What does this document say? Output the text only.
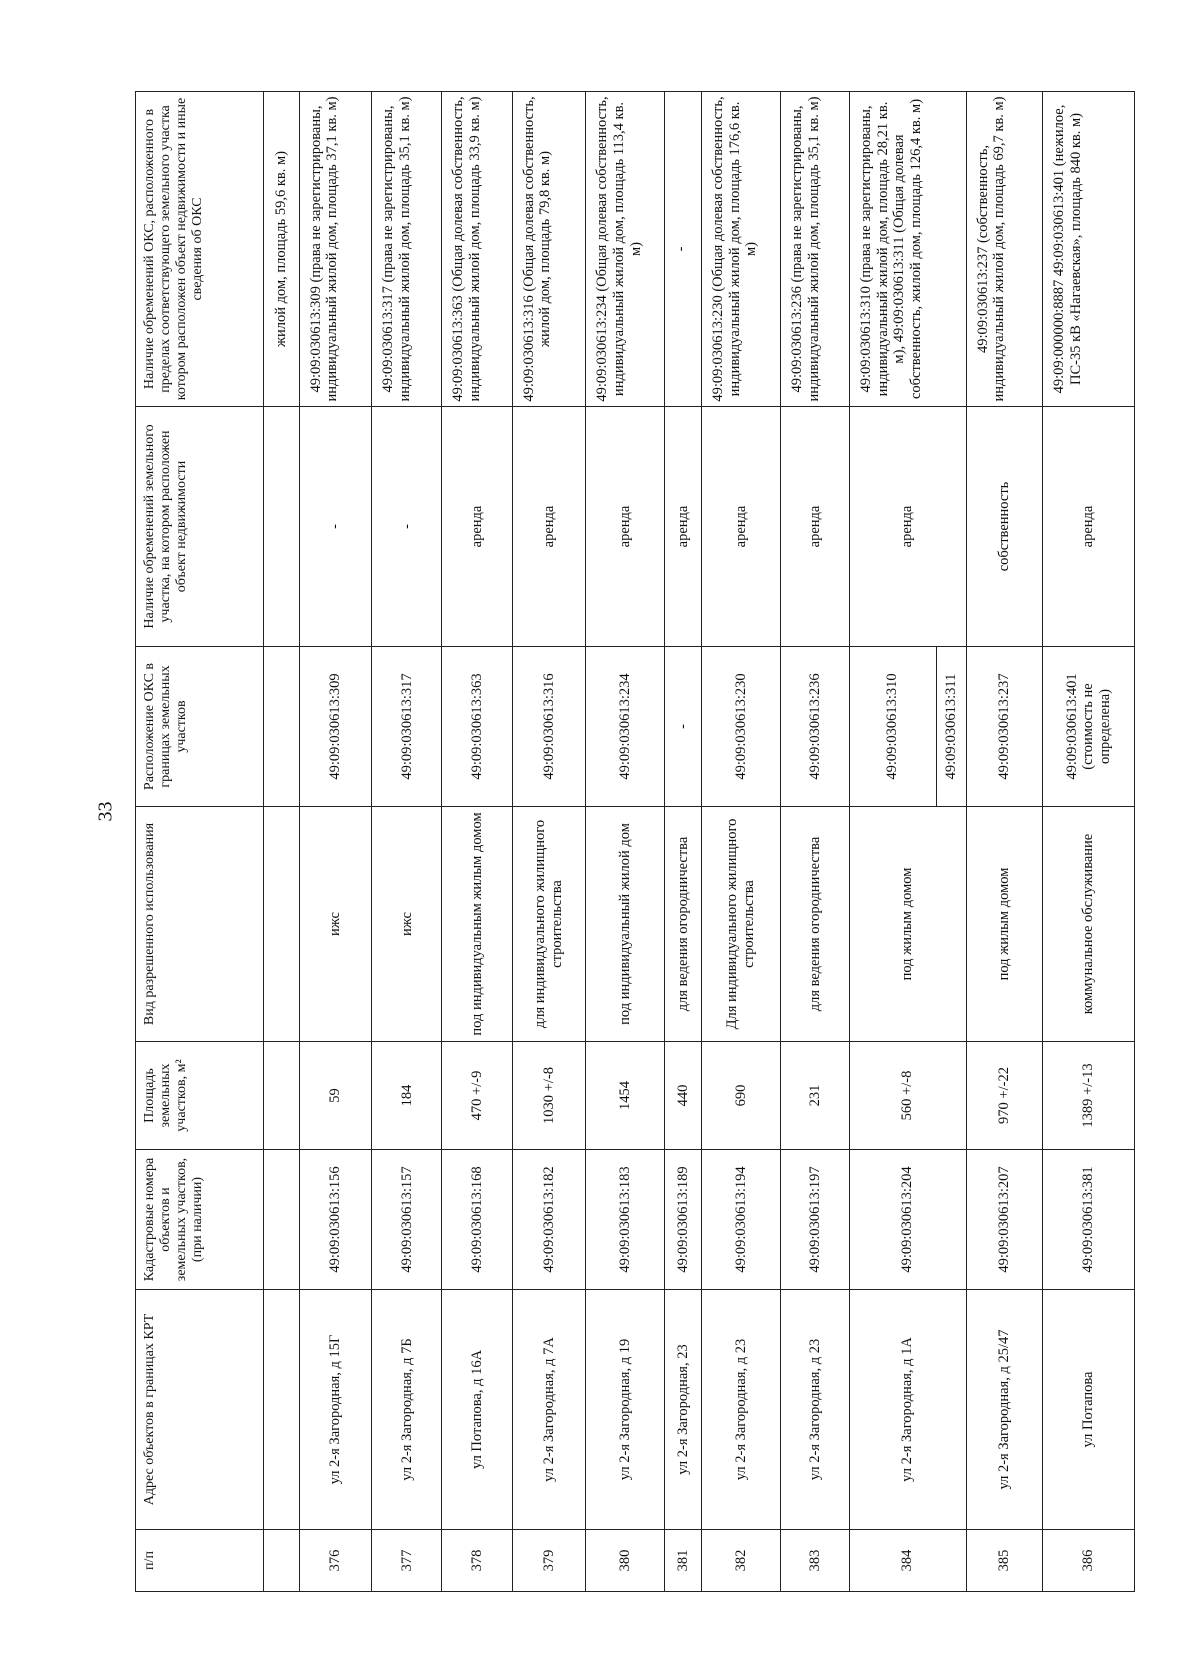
33
п/п	Адрес объектов в границах КРТ	Кадастровые номера объектов и земельных участков, (при наличии)	Площадь земельных участков, м²	Вид разрешенного использования	Расположение ОКС в границах земельных участков	Наличие обременений земельного участка, на котором расположен объект недвижимости	Наличие обременений ОКС, расположенного в пределах соответствующего земельного участка котором расположен объект недвижимости и иные сведения об ОКС
							жилой дом, площадь 59,6 кв. м)
376	ул 2-я Загородная, д 15Г	49:09:030613:156	59	ижс	49:09:030613:309	-	49:09:030613:309 (права не зарегистрированы, индивидуальный жилой дом, площадь 37,1 кв. м)
377	ул 2-я Загородная, д 7Б	49:09:030613:157	184	ижс	49:09:030613:317	-	49:09:030613:317 (права не зарегистрированы, индивидуальный жилой дом, площадь 35,1 кв. м)
378	ул Потапова, д 16А	49:09:030613:168	470 +/-9	под индивидуальным жилым домом	49:09:030613:363	аренда	49:09:030613:363 (Общая долевая собственность, индивидуальный жилой дом, площадь 33,9 кв. м)
379	ул 2-я Загородная, д 7А	49:09:030613:182	1030 +/-8	для индивидуального жилищного строительства	49:09:030613:316	аренда	49:09:030613:316 (Общая долевая собственность, жилой дом, площадь 79,8 кв. м)
380	ул 2-я Загородная, д 19	49:09:030613:183	1454	под индивидуальный жилой дом	49:09:030613:234	аренда	49:09:030613:234 (Общая долевая собственность, индивидуальный жилой дом, площадь 113,4 кв. м)
381	ул 2-я Загородная, 23	49:09:030613:189	440	для ведения огородничества	-	аренда	-
382	ул 2-я Загородная, д 23	49:09:030613:194	690	Для индивидуального жилищного строительства	49:09:030613:230	аренда	49:09:030613:230 (Общая долевая собственность, индивидуальный жилой дом, площадь 176,6 кв. м)
383	ул 2-я Загородная, д 23	49:09:030613:197	231	для ведения огородничества	49:09:030613:236	аренда	49:09:030613:236 (права не зарегистрированы, индивидуальный жилой дом, площадь 35,1 кв. м)
384	ул 2-я Загородная, д 1А	49:09:030613:204	560 +/-8	под жилым домом	49:09:030613:310	аренда	49:09:030613:310 (права не зарегистрированы, индивидуальный жилой дом, площадь 28,21 кв. м), 49:09:030613:311 (Общая долевая собственность, жилой дом, площадь 126,4 кв. м)
					49:09:030613:311		
385	ул 2-я Загородная, д 25/47	49:09:030613:207	970 +/-22	под жилым домом	49:09:030613:237	собственность	49:09:030613:237 (собственность, индивидуальный жилой дом, площадь 69,7 кв. м)
386	ул Потапова	49:09:030613:381	1389 +/-13	коммунальное обслуживание	49:09:030613:401 (стоимость не определена)	аренда	49:09:000000:8887 49:09:030613:401 (нежилое, ПС-35 кВ «Нагаевская», площадь 840 кв. м)
